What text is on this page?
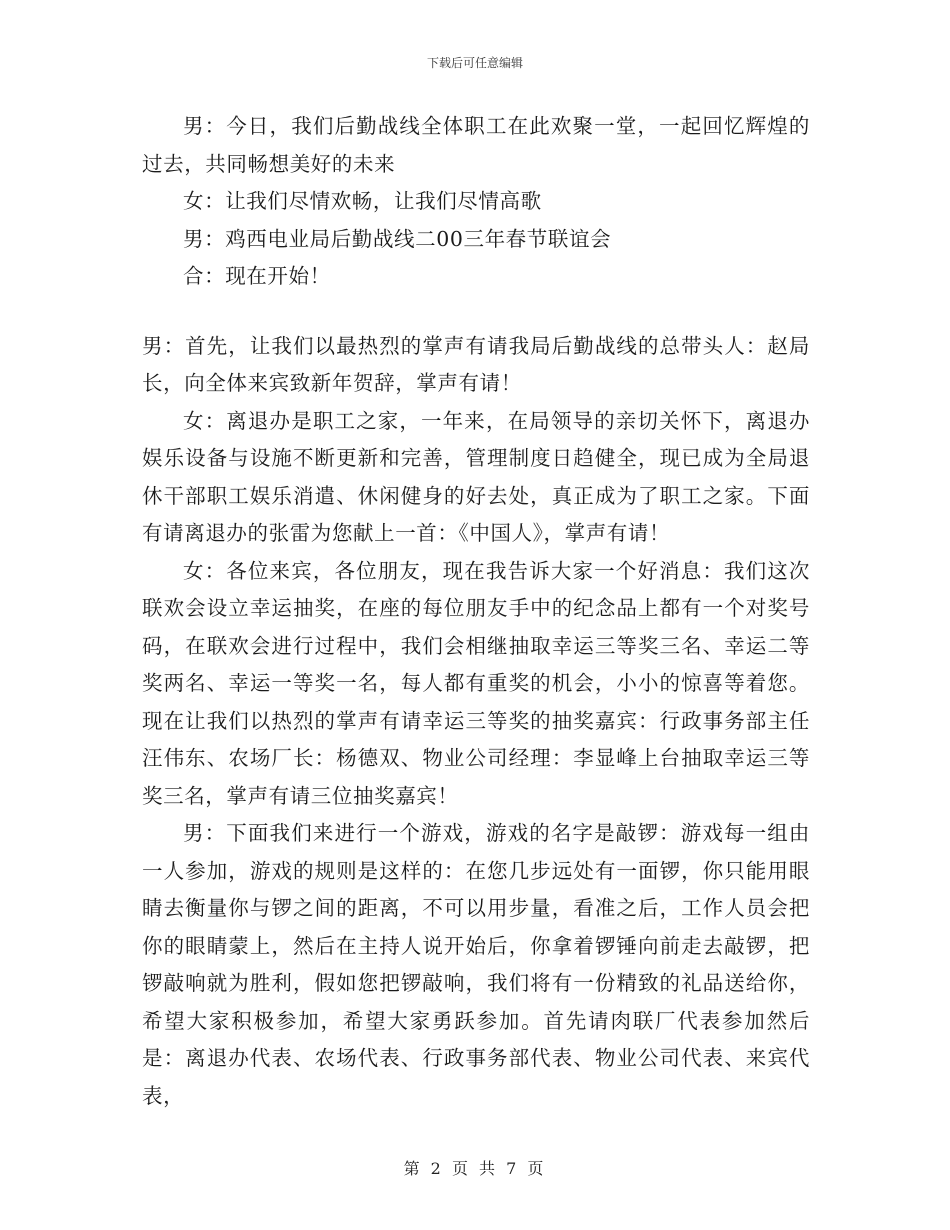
下载后可任意编辑

男：今日，我们后勤战线全体职工在此欢聚一堂，一起回忆辉煌的过去，共同畅想美好的未来

女：让我们尽情欢畅，让我们尽情高歌

男：鸡西电业局后勤战线二00三年春节联谊会

合：现在开始！

男：首先，让我们以最热烈的掌声有请我局后勤战线的总带头人：赵局长，向全体来宾致新年贺辞，掌声有请！

女：离退办是职工之家，一年来，在局领导的亲切关怀下，离退办娱乐设备与设施不断更新和完善，管理制度日趋健全，现已成为全局退休干部职工娱乐消遣、休闲健身的好去处，真正成为了职工之家。下面有请离退办的张雷为您献上一首：《中国人》，掌声有请！

女：各位来宾，各位朋友，现在我告诉大家一个好消息：我们这次联欢会设立幸运抽奖，在座的每位朋友手中的纪念品上都有一个对奖号码，在联欢会进行过程中，我们会相继抽取幸运三等奖三名、幸运二等奖两名、幸运一等奖一名，每人都有重奖的机会，小小的惊喜等着您。现在让我们以热烈的掌声有请幸运三等奖的抽奖嘉宾：行政事务部主任汪伟东、农场厂长：杨德双、物业公司经理：李显峰上台抽取幸运三等奖三名，掌声有请三位抽奖嘉宾！

男：下面我们来进行一个游戏，游戏的名字是敲锣：游戏每一组由一人参加，游戏的规则是这样的：在您几步远处有一面锣，你只能用眼睛去衡量你与锣之间的距离，不可以用步量，看准之后，工作人员会把你的眼睛蒙上，然后在主持人说开始后，你拿着锣锤向前走去敲锣，把锣敲响就为胜利，假如您把锣敲响，我们将有一份精致的礼品送给你，希望大家积极参加，希望大家勇跃参加。首先请肉联厂代表参加然后是：离退办代表、农场代表、行政事务部代表、物业公司代表、来宾代表，

第 2 页 共 7 页
